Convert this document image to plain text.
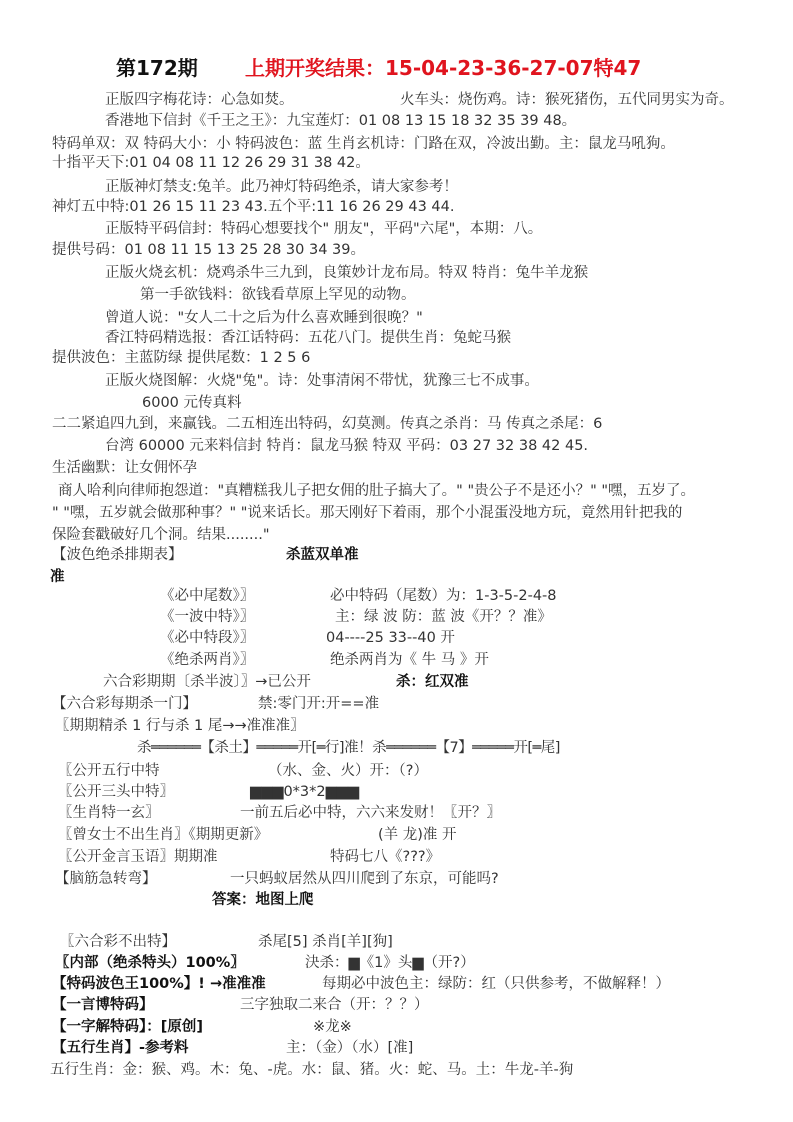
第172期 上期开奖结果：15-04-23-36-27-07特47
正版四字梅花诗：心急如焚。	火车头：烧伤鸡。诗：猴死猪伤，五代同男实为奇。
香港地下信封《千王之王》：九宝莲灯：01 08 13 15 18 32 35 39 48。
特码单双：双 特码大小：小 特码波色：蓝 生肖玄机诗：门路在双，冷波出勤。主：鼠龙马吼狗。
十指平天下:01 04 08 11 12 26 29 31 38 42。
正版神灯禁支:兔羊。此乃神灯特码绝杀，请大家参考！
神灯五中特:01 26 15 11 23 43.五个平:11 16 26 29 43 44.
正版特平码信封：特码心想要找个" 朋友"，平码"六尾"，本期：八。
提供号码：01 08 11 15 13 25 28 30 34 39。
正版火烧玄机：烧鸡杀牛三九到，良策妙计龙布局。特双 特肖：兔牛羊龙猴
第一手欲钱料：欲钱看草原上罕见的动物。
曾道人说："女人二十之后为什么喜欢睡到很晚？"
香江特码精选报：香江话特码：五花八门。提供生肖：兔蛇马猴
提供波色：主蓝防绿 提供尾数：1 2 5 6
正版火烧图解：火烧"兔"。诗：处事清闲不带忧，犹豫三七不成事。
6000 元传真料
二二紧追四九到，来赢钱。二五相连出特码，幻莫测。传真之杀肖：马 传真之杀尾：6
台湾 60000 元来料信封 特肖：鼠龙马猴 特双 平码：03 27 32 38 42 45.
生活幽默：让女佣怀孕
商人哈利向律师抱怨道："真糟糕我儿子把女佣的肚子搞大了。" "贵公子不是还小？" "嘿，五岁了。
" "嘿，五岁就会做那种事？" "说来话长。那天刚好下着雨，那个小混蛋没地方玩，竟然用针把我的
保险套戳破好几个洞。结果........"
【波色绝杀排期表】	杀蓝双单准
准
《必中尾数》〗	必中特码（尾数）为：1-3-5-2-4-8
《一波中特》〗	主：绿 波 防：蓝 波《开？？准》
《必中特段》〗	04----25 33--40 开
《绝杀两肖》〗	绝杀两肖为《 牛 马 》开
六合彩期期〔杀半波〕〗→已公开	杀：红双准
【六合彩每期杀一门】	禁:零门开:开==准
〖期期精杀 1 行与杀 1 尾→→准准准〗
杀══════【杀土】═════开[═行]准！杀══════【7】═════开[═尾]
〖公开五行中特	（水、金、火）开：（?）
〖公开三头中特〗	▆▆▆0*3*2▆▆▆
〖生肖特一玄〗	一前五后必中特，六六来发财！〖开？〗
〖曾女士不出生肖〗《期期更新》	(羊 龙)准 开
〖公开金言玉语〗期期准	特码七八《???》
【脑筋急转弯】	一只蚂蚁居然从四川爬到了东京，可能吗?
答案：地图上爬
〖六合彩不出特】	杀尾[5] 杀肖[羊][狗]
〖内部（绝杀特头）100%〗	決杀：▆《1》头▆（开?）
【特码波色王100%】! →准准准	每期必中波色主：绿防：红（只供参考，不做解释！）
【一言博特码】	三字独取二来合（开：？？）
【一字解特码】：[原创]	※龙※
【五行生肖】-参考料	主：（金）（水）[准]
五行生肖：金：猴、鸡。木：兔、-虎。水：鼠、猪。火：蛇、马。土：牛龙-羊-狗
